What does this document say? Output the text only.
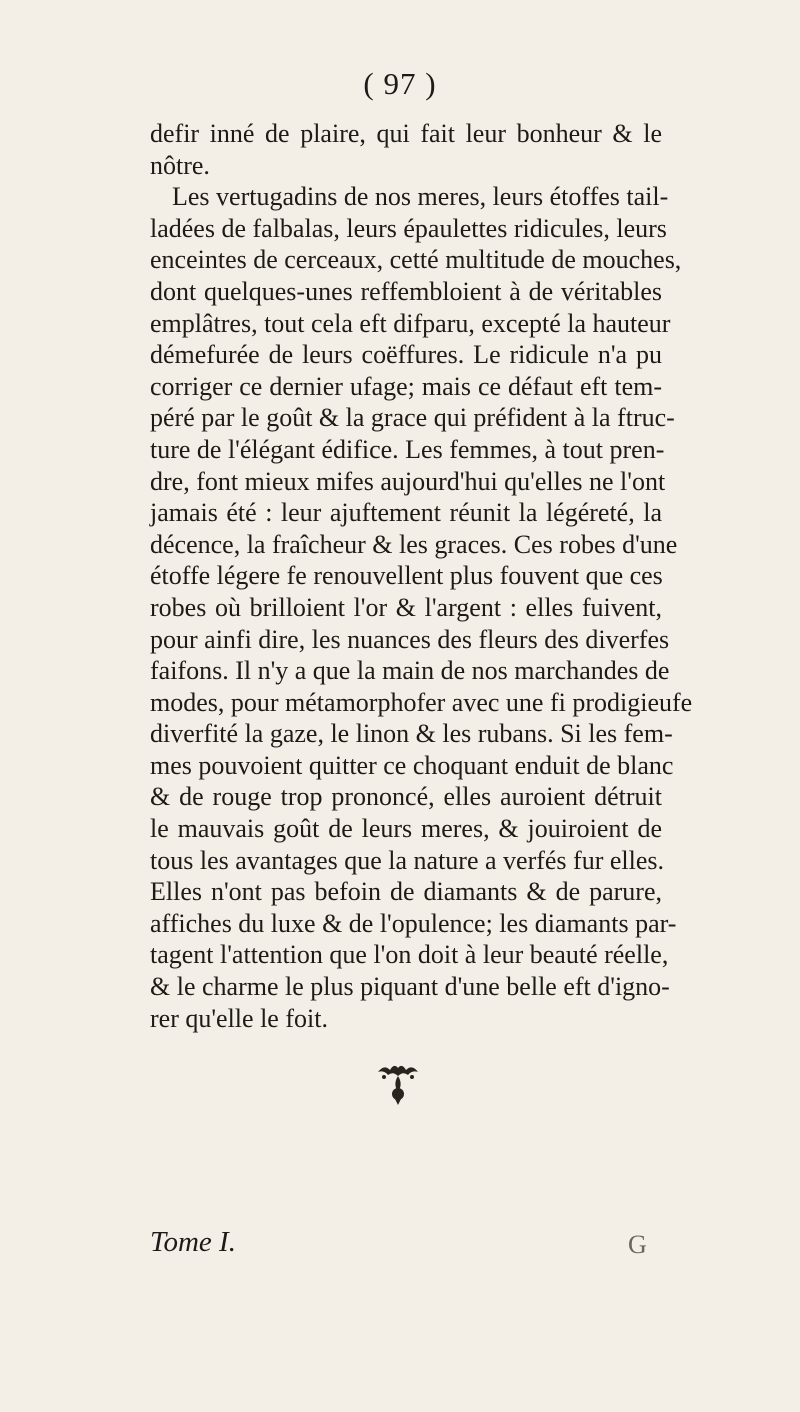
( 97 )
defir inné de plaire, qui fait leur bonheur & le
nôtre.
Les vertugadins de nos meres, leurs étoffes tail-
ladées de falbalas, leurs épaulettes ridicules, leurs
enceintes de cerceaux, cetté multitude de mouches,
dont quelques-unes reffembloient à de véritables
emplâtres, tout cela eft difparu, excepté la hauteur
démefurée de leurs coëffures. Le ridicule n'a pu
corriger ce dernier ufage; mais ce défaut eft tem-
péré par le goût & la grace qui préfident à la ftruc-
ture de l'élégant édifice. Les femmes, à tout pren-
dre, font mieux mifes aujourd'hui qu'elles ne l'ont
jamais été : leur ajuftement réunit la légéreté, la
décence, la fraîcheur & les graces. Ces robes d'une
étoffe légere fe renouvellent plus fouvent que ces
robes où brilloient l'or & l'argent : elles fuivent,
pour ainfi dire, les nuances des fleurs des diverfes
faifons. Il n'y a que la main de nos marchandes de
modes, pour métamorphofer avec une fi prodigieufe
diverfité la gaze, le linon & les rubans. Si les fem-
mes pouvoient quitter ce choquant enduit de blanc
& de rouge trop prononcé, elles auroient détruit
le mauvais goût de leurs meres, & jouiroient de
tous les avantages que la nature a verfés fur elles.
Elles n'ont pas befoin de diamants & de parure,
affiches du luxe & de l'opulence; les diamants par-
tagent l'attention que l'on doit à leur beauté réelle,
& le charme le plus piquant d'une belle eft d'igno-
rer qu'elle le foit.
Tome I.	G
